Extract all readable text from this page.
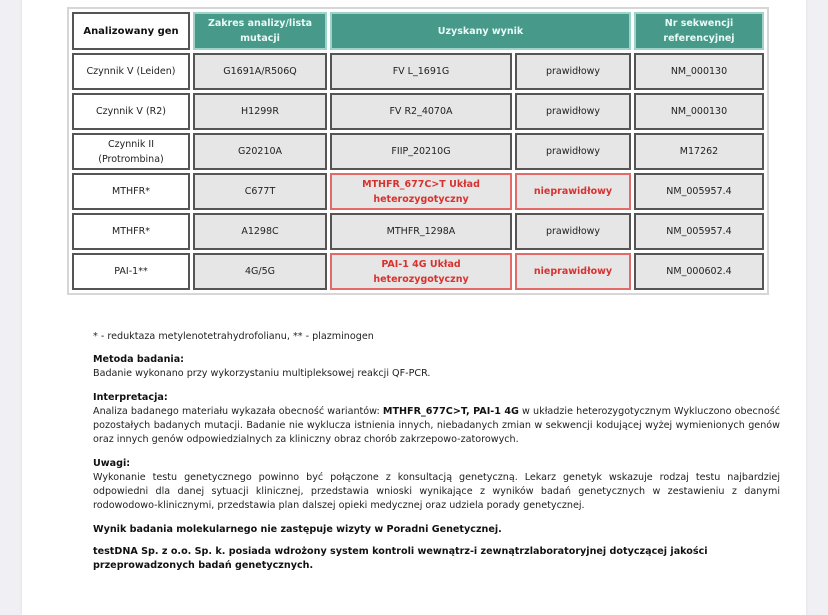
Analizowany gen	Zakres analizy/lista mutacji	Uzyskany wynik		Nr sekwencji referencyjnej
Czynnik V (Leiden)	G1691A/R506Q	FV L_1691G	prawidłowy	NM_000130
Czynnik V (R2)	H1299R	FV R2_4070A	prawidłowy	NM_000130
Czynnik II (Protrombina)	G20210A	FIIP_20210G	prawidłowy	M17262
MTHFR*	C677T	MTHFR_677C>T Układ heterozygotyczny	nieprawidłowy	NM_005957.4
MTHFR*	A1298C	MTHFR_1298A	prawidłowy	NM_005957.4
PAI-1**	4G/5G	PAI-1 4G Układ heterozygotyczny	nieprawidłowy	NM_000602.4
* - reduktaza metylenotetrahydrofolianu, ** - plazminogen
Metoda badania:
Badanie wykonano przy wykorzystaniu multipleksowej reakcji QF-PCR.
Interpretacja:
Analiza badanego materiału wykazała obecność wariantów: MTHFR_677C>T, PAI-1 4G w układzie heterozygotycznym Wykluczono obecność pozostałych badanych mutacji. Badanie nie wyklucza istnienia innych, niebadanych zmian w sekwencji kodującej wyżej wymienionych genów oraz innych genów odpowiedzialnych za kliniczny obraz chorób zakrzepowo-zatorowych.
Uwagi:
Wykonanie testu genetycznego powinno być połączone z konsultacją genetyczną. Lekarz genetyk wskazuje rodzaj testu najbardziej odpowiedni dla danej sytuacji klinicznej, przedstawia wnioski wynikające z wyników badań genetycznych w zestawieniu z danymi rodowodowo-klinicznymi, przedstawia plan dalszej opieki medycznej oraz udziela porady genetycznej.
Wynik badania molekularnego nie zastępuje wizyty w Poradni Genetycznej.
testDNA Sp. z o.o. Sp. k. posiada wdrożony system kontroli wewnątrz-i zewnątrzlaboratoryjnej dotyczącej jakości przeprowadzonych badań genetycznych.
